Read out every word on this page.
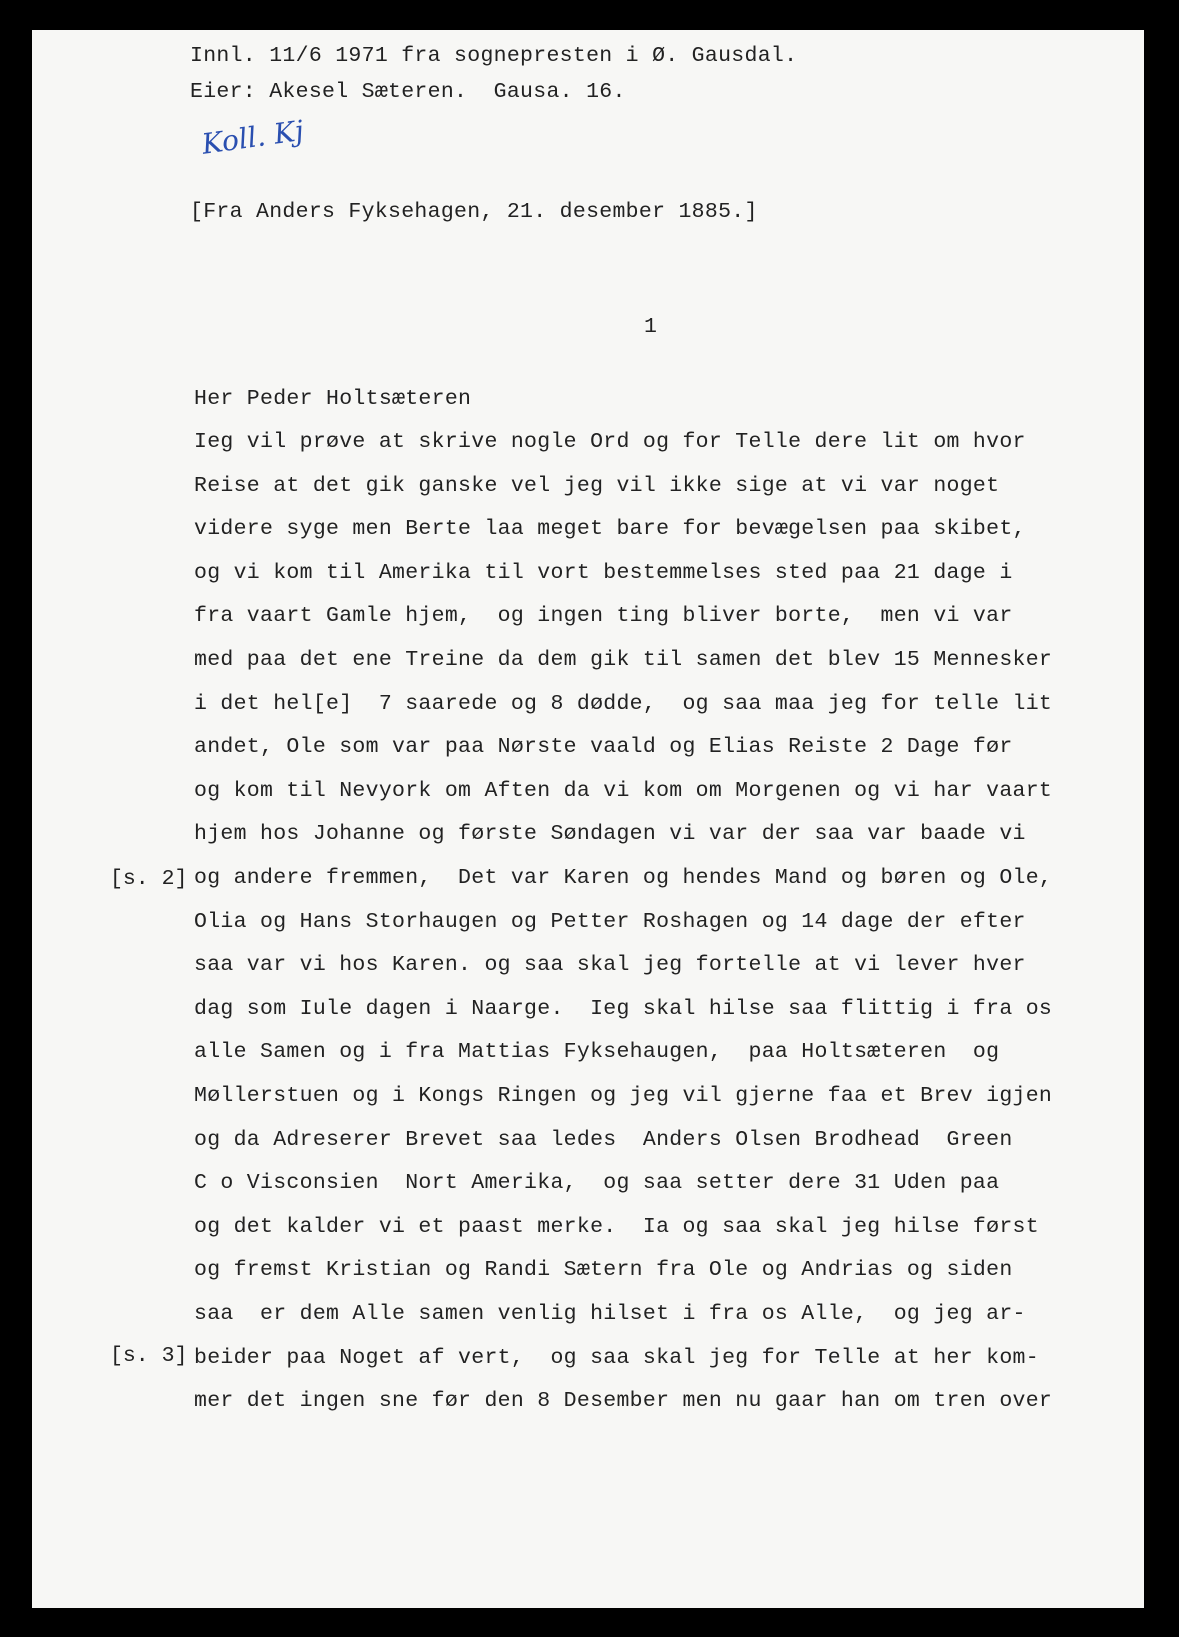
Innl. 11/6 1971 fra sognepresten i Ø. Gausdal.
Eier: Akesel Sæteren.  Gausa. 16.
Koll. Kj
[Fra Anders Fyksehagen, 21. desember 1885.]
1
Her Peder Holtsæteren
[s. 2]
[s. 3]
Ieg vil prøve at skrive nogle Ord og for Telle dere lit om hvor
Reise at det gik ganske vel jeg vil ikke sige at vi var noget
videre syge men Berte laa meget bare for bevægelsen paa skibet,
og vi kom til Amerika til vort bestemmelses sted paa 21 dage i
fra vaart Gamle hjem,  og ingen ting bliver borte,  men vi var
med paa det ene Treine da dem gik til samen det blev 15 Mennesker
i det hel[e]  7 saarede og 8 dødde,  og saa maa jeg for telle lit
andet, Ole som var paa Nørste vaald og Elias Reiste 2 Dage før
og kom til Nevyork om Aften da vi kom om Morgenen og vi har vaart
hjem hos Johanne og første Søndagen vi var der saa var baade vi
og andere fremmen,  Det var Karen og hendes Mand og børen og Ole,
Olia og Hans Storhaugen og Petter Roshagen og 14 dage der efter
saa var vi hos Karen. og saa skal jeg fortelle at vi lever hver
dag som Iule dagen i Naarge.  Ieg skal hilse saa flittig i fra os
alle Samen og i fra Mattias Fyksehaugen,  paa Holtsæteren  og
Møllerstuen og i Kongs Ringen og jeg vil gjerne faa et Brev igjen
og da Adreserer Brevet saa ledes  Anders Olsen Brodhead  Green
C o Visconsien  Nort Amerika,  og saa setter dere 31 Uden paa
og det kalder vi et paast merke.  Ia og saa skal jeg hilse først
og fremst Kristian og Randi Sætern fra Ole og Andrias og siden
saa  er dem Alle samen venlig hilset i fra os Alle,  og jeg ar-
beider paa Noget af vert,  og saa skal jeg for Telle at her kom-
mer det ingen sne før den 8 Desember men nu gaar han om tren over
